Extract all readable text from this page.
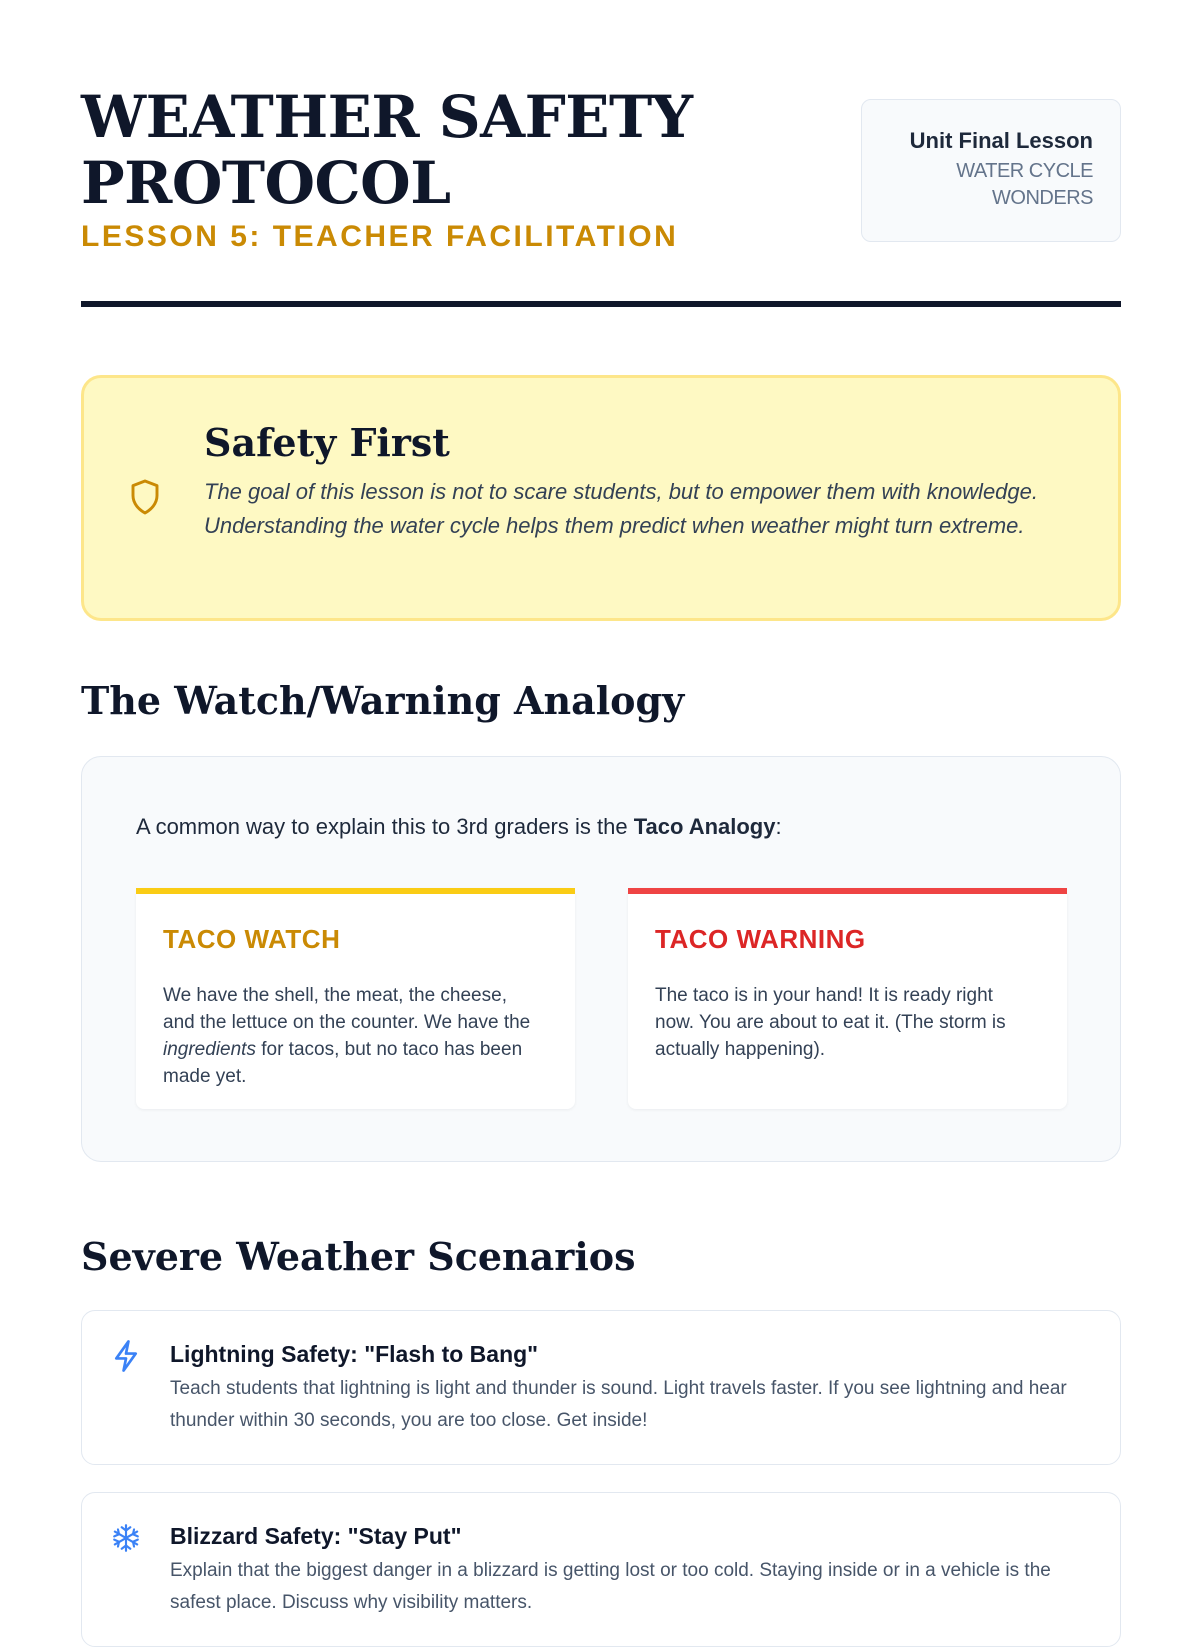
WEATHER SAFETY PROTOCOL
LESSON 5: TEACHER FACILITATION
Unit Final Lesson
WATER CYCLE
WONDERS
Safety First

The goal of this lesson is not to scare students, but to empower them with knowledge. Understanding the water cycle helps them predict when weather might turn extreme.

The Watch/Warning Analogy

A common way to explain this to 3rd graders is the Taco Analogy:

TACO WATCH

We have the shell, the meat, the cheese, and the lettuce on the counter. We have the ingredients for tacos, but no taco has been made yet.

TACO WARNING

The taco is in your hand! It is ready right now. You are about to eat it. (The storm is actually happening).

Severe Weather Scenarios
Lightning Safety: "Flash to Bang"

Teach students that lightning is light and thunder is sound. Light travels faster. If you see lightning and hear thunder within 30 seconds, you are too close. Get inside!

Blizzard Safety: "Stay Put"

Explain that the biggest danger in a blizzard is getting lost or too cold. Staying inside or in a vehicle is the safest place. Discuss why visibility matters.
